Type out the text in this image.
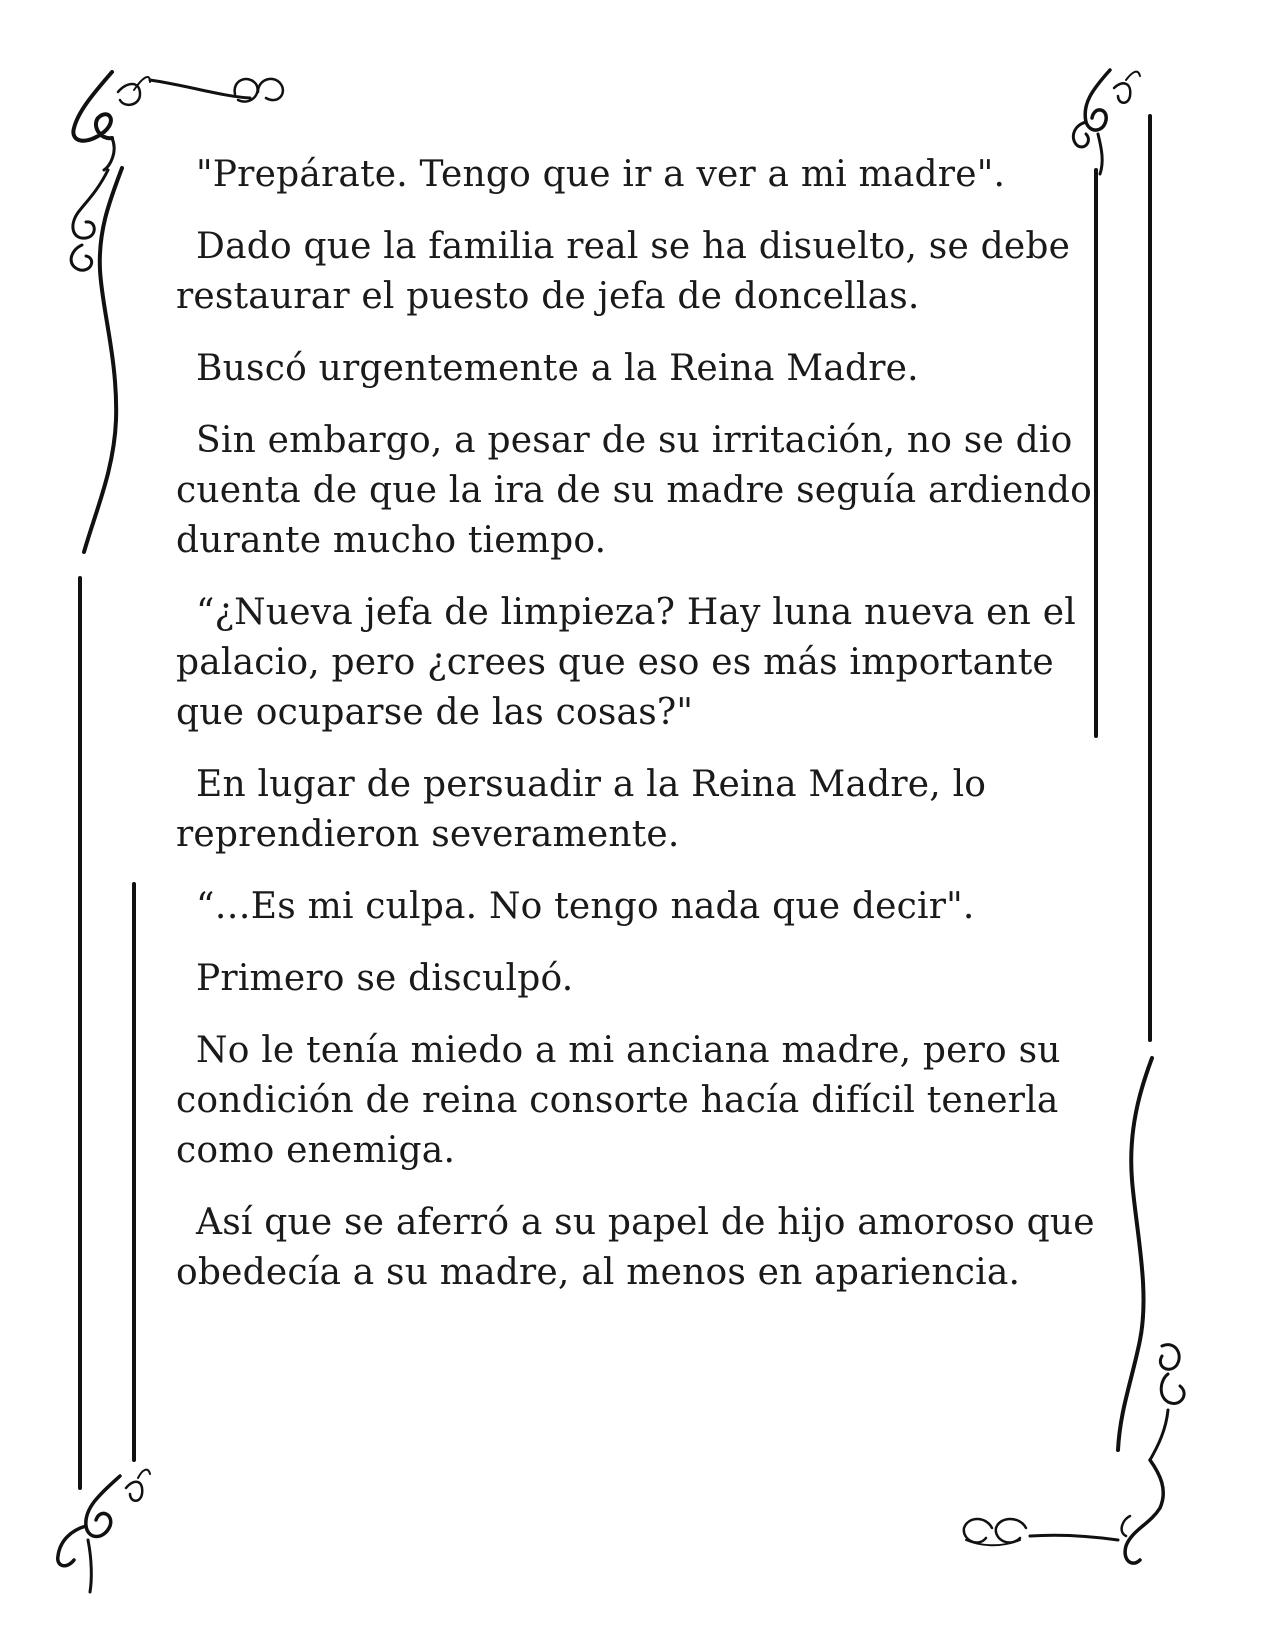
"Prepárate. Tengo que ir a ver a mi madre".

Dado que la familia real se ha disuelto, se debe restaurar el puesto de jefa de doncellas.

Buscó urgentemente a la Reina Madre.

Sin embargo, a pesar de su irritación, no se dio cuenta de que la ira de su madre seguía ardiendo durante mucho tiempo.

“¿Nueva jefa de limpieza? Hay luna nueva en el palacio, pero ¿crees que eso es más importante que ocuparse de las cosas?"

En lugar de persuadir a la Reina Madre, lo reprendieron severamente.

“…Es mi culpa. No tengo nada que decir".

Primero se disculpó.

No le tenía miedo a mi anciana madre, pero su condición de reina consorte hacía difícil tenerla como enemiga.

Así que se aferró a su papel de hijo amoroso que obedecía a su madre, al menos en apariencia.
